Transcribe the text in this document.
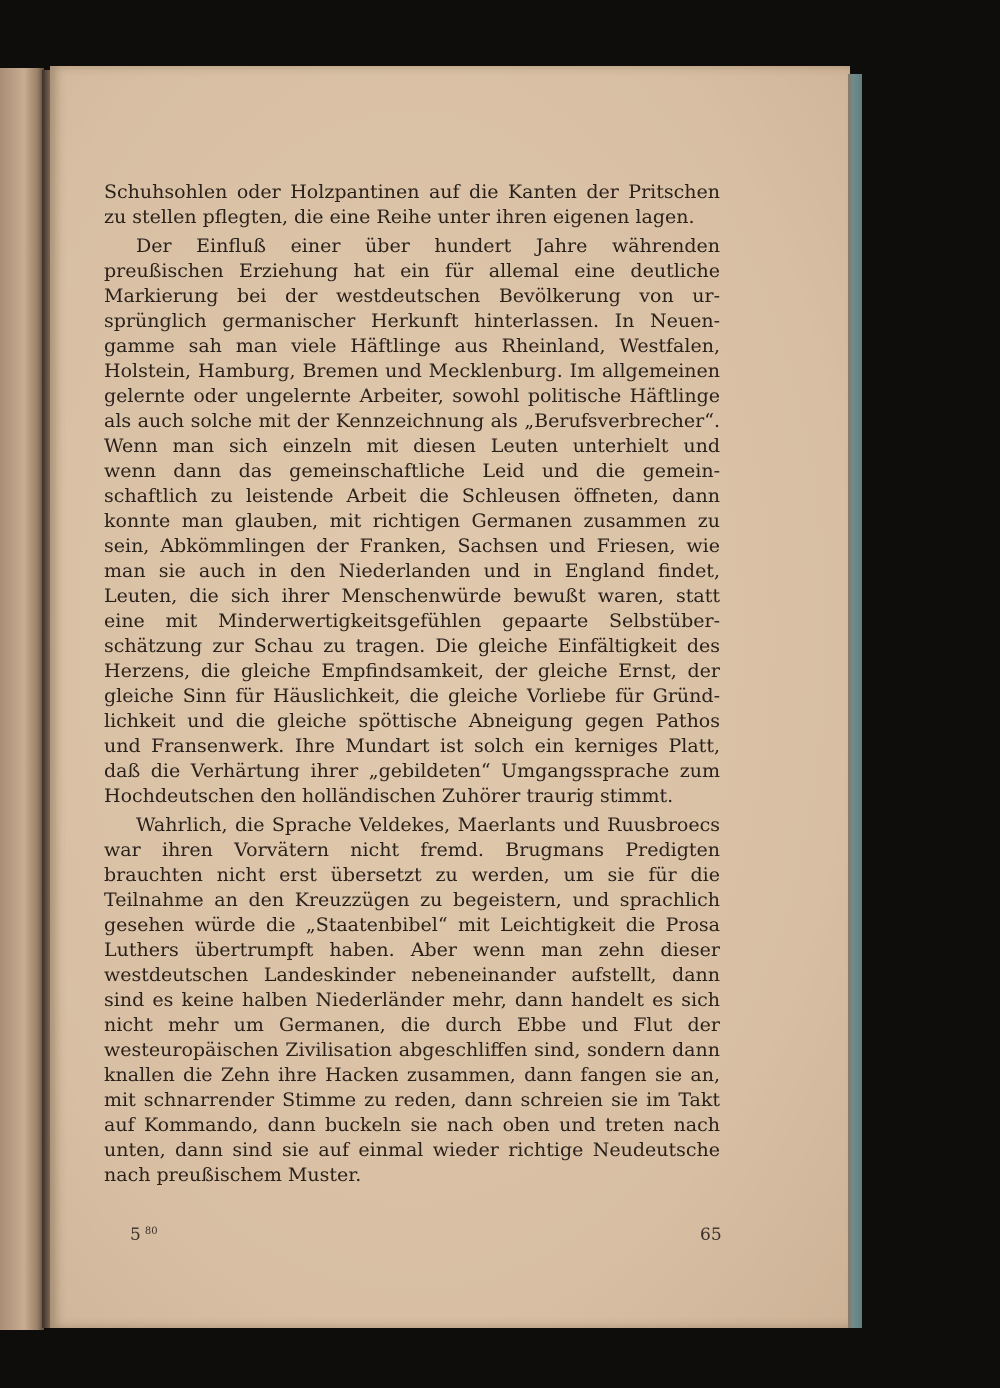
Schuhsohlen oder Holzpantinen auf die Kanten der Pritschen
zu stellen pflegten, die eine Reihe unter ihren eigenen lagen.
Der Einfluß einer über hundert Jahre währenden
preußischen Erziehung hat ein für allemal eine deutliche
Markierung bei der westdeutschen Bevölkerung von ur-
sprünglich germanischer Herkunft hinterlassen. In Neuen-
gamme sah man viele Häftlinge aus Rheinland, Westfalen,
Holstein, Hamburg, Bremen und Mecklenburg. Im allgemeinen
gelernte oder ungelernte Arbeiter, sowohl politische Häftlinge
als auch solche mit der Kennzeichnung als „Berufsverbrecher“.
Wenn man sich einzeln mit diesen Leuten unterhielt und
wenn dann das gemeinschaftliche Leid und die gemein-
schaftlich zu leistende Arbeit die Schleusen öffneten, dann
konnte man glauben, mit richtigen Germanen zusammen zu
sein, Abkömmlingen der Franken, Sachsen und Friesen, wie
man sie auch in den Niederlanden und in England findet,
Leuten, die sich ihrer Menschenwürde bewußt waren, statt
eine mit Minderwertigkeitsgefühlen gepaarte Selbstüber-
schätzung zur Schau zu tragen. Die gleiche Einfältigkeit des
Herzens, die gleiche Empfindsamkeit, der gleiche Ernst, der
gleiche Sinn für Häuslichkeit, die gleiche Vorliebe für Gründ-
lichkeit und die gleiche spöttische Abneigung gegen Pathos
und Fransenwerk. Ihre Mundart ist solch ein kerniges Platt,
daß die Verhärtung ihrer „gebildeten“ Umgangssprache zum
Hochdeutschen den holländischen Zuhörer traurig stimmt.
Wahrlich, die Sprache Veldekes, Maerlants und Ruusbroecs
war ihren Vorvätern nicht fremd. Brugmans Predigten
brauchten nicht erst übersetzt zu werden, um sie für die
Teilnahme an den Kreuzzügen zu begeistern, und sprachlich
gesehen würde die „Staatenbibel“ mit Leichtigkeit die Prosa
Luthers übertrumpft haben. Aber wenn man zehn dieser
westdeutschen Landeskinder nebeneinander aufstellt, dann
sind es keine halben Niederländer mehr, dann handelt es sich
nicht mehr um Germanen, die durch Ebbe und Flut der
westeuropäischen Zivilisation abgeschliffen sind, sondern dann
knallen die Zehn ihre Hacken zusammen, dann fangen sie an,
mit schnarrender Stimme zu reden, dann schreien sie im Takt
auf Kommando, dann buckeln sie nach oben und treten nach
unten, dann sind sie auf einmal wieder richtige Neudeutsche
nach preußischem Muster.
5 $^{80}$	65
